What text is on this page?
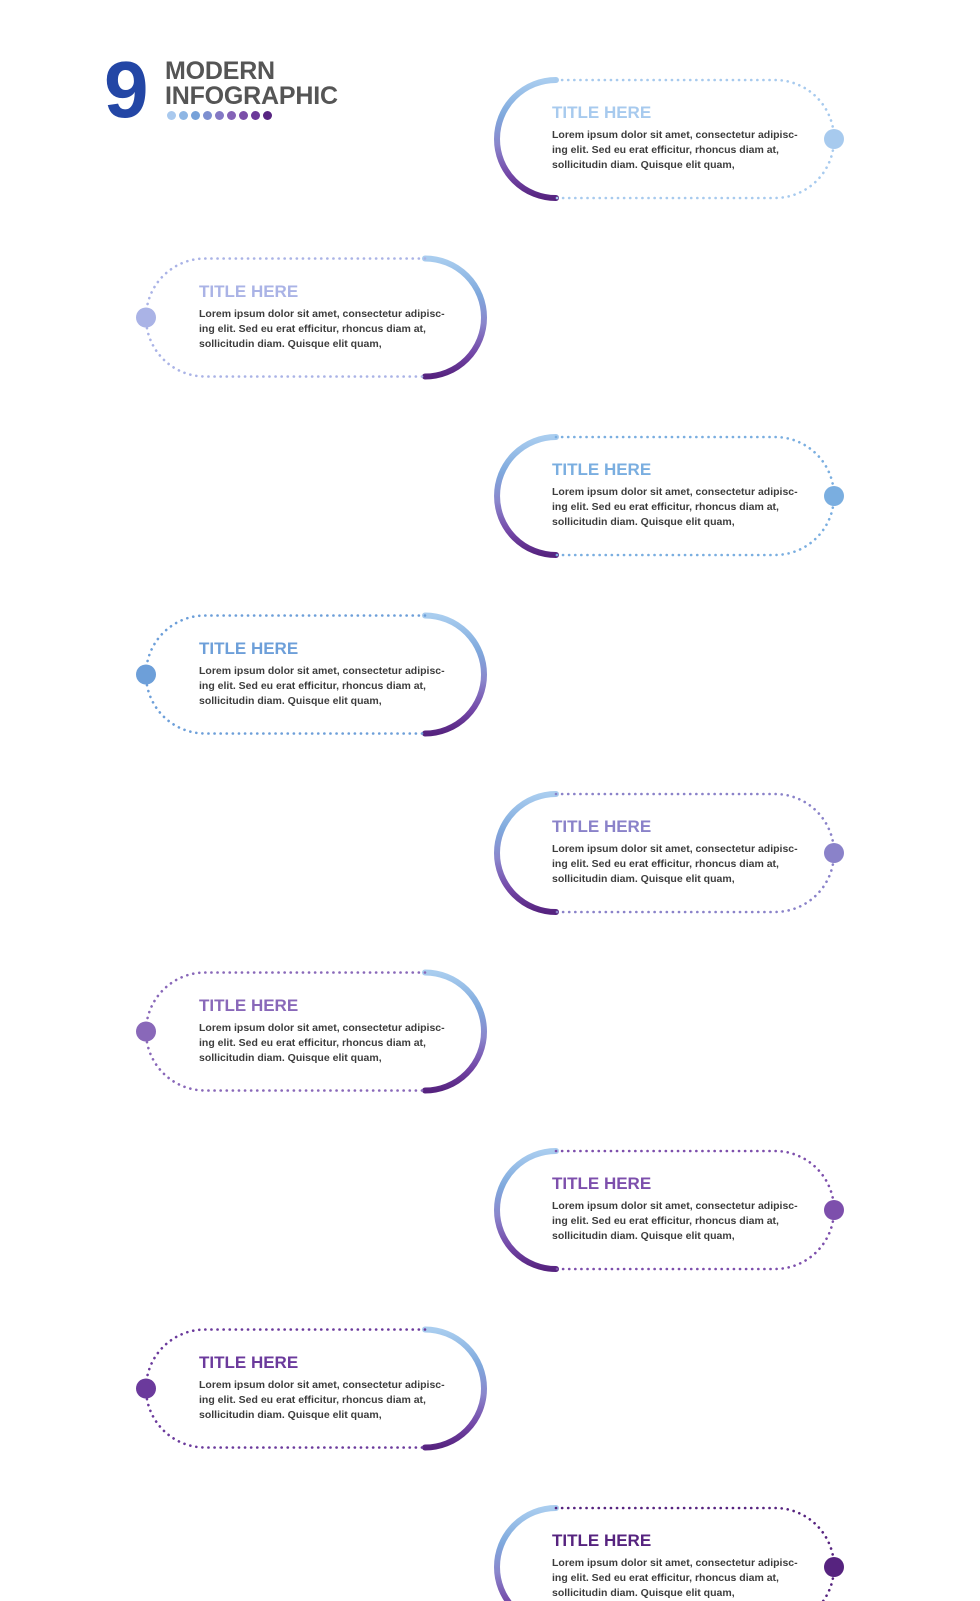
9 MODERN
INFOGRAPHIC
TITLE HERE
Lorem ipsum dolor sit amet, consectetur adipisc- ing elit. Sed eu erat efficitur, rhoncus diam at, sollicitudin diam. Quisque elit quam,
TITLE HERE
Lorem ipsum dolor sit amet, consectetur adipisc- ing elit. Sed eu erat efficitur, rhoncus diam at, sollicitudin diam. Quisque elit quam,
TITLE HERE
Lorem ipsum dolor sit amet, consectetur adipisc- ing elit. Sed eu erat efficitur, rhoncus diam at, sollicitudin diam. Quisque elit quam,
TITLE HERE
Lorem ipsum dolor sit amet, consectetur adipisc- ing elit. Sed eu erat efficitur, rhoncus diam at, sollicitudin diam. Quisque elit quam,
TITLE HERE
Lorem ipsum dolor sit amet, consectetur adipisc- ing elit. Sed eu erat efficitur, rhoncus diam at, sollicitudin diam. Quisque elit quam,
TITLE HERE
Lorem ipsum dolor sit amet, consectetur adipisc- ing elit. Sed eu erat efficitur, rhoncus diam at, sollicitudin diam. Quisque elit quam,
TITLE HERE
Lorem ipsum dolor sit amet, consectetur adipisc- ing elit. Sed eu erat efficitur, rhoncus diam at, sollicitudin diam. Quisque elit quam,
TITLE HERE
Lorem ipsum dolor sit amet, consectetur adipisc- ing elit. Sed eu erat efficitur, rhoncus diam at, sollicitudin diam. Quisque elit quam,
TITLE HERE
Lorem ipsum dolor sit amet, consectetur adipisc- ing elit. Sed eu erat efficitur, rhoncus diam at, sollicitudin diam. Quisque elit quam,
